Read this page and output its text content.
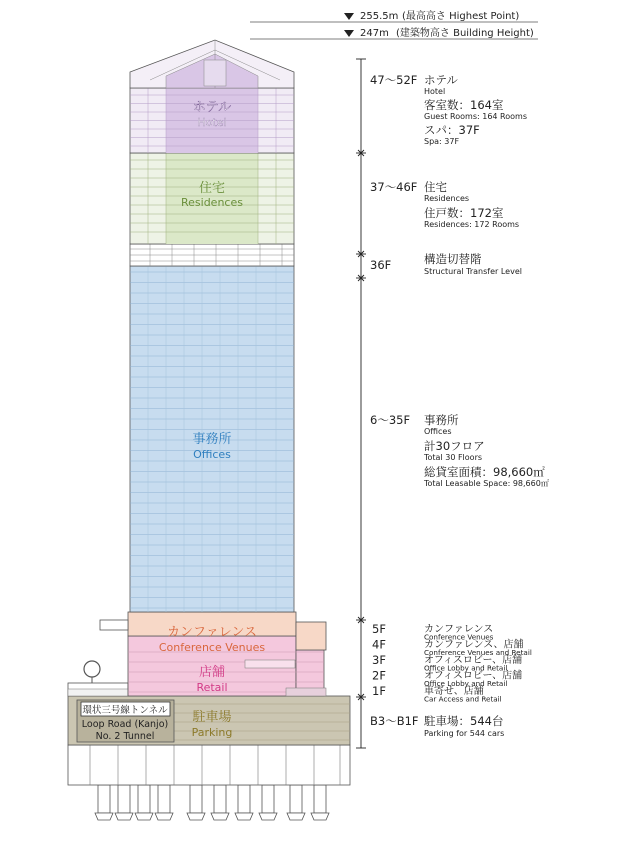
255.5m (最高高さ Highest Point)
247m (建築物高さ Building Height)
ホテル
Hotel
住宅
Residences
事務所
Offices
カンファレンス
Conference Venues
店舗
Retail
駐車場
Parking
環状三号線トンネル
Loop Road (Kanjo)
No. 2 Tunnel
47～52F ホテル
Hotel
客室数：164室
Guest Rooms: 164 Rooms
スパ：37F
Spa: 37F
37～46F 住宅
Residences
住戸数：172室
Residences: 172 Rooms
36F	構造切替階
Structural Transfer Level
6～35F 事務所
Offices
計30フロア
Total 30 Floors
総貸室面積：98,660㎡
Total Leasable Space: 98,660㎡
5F	カンファレンス
Conference Venues
4F	カンファレンス、店舗
Conference Venues and Retail
3F	オフィスロビー、店舗
Office Lobby and Retail
2F	オフィスロビー、店舗
Office Lobby and Retail
1F	車寄せ、店舗
Car Access and Retail
B3～B1F 駐車場：544台
Parking for 544 cars
